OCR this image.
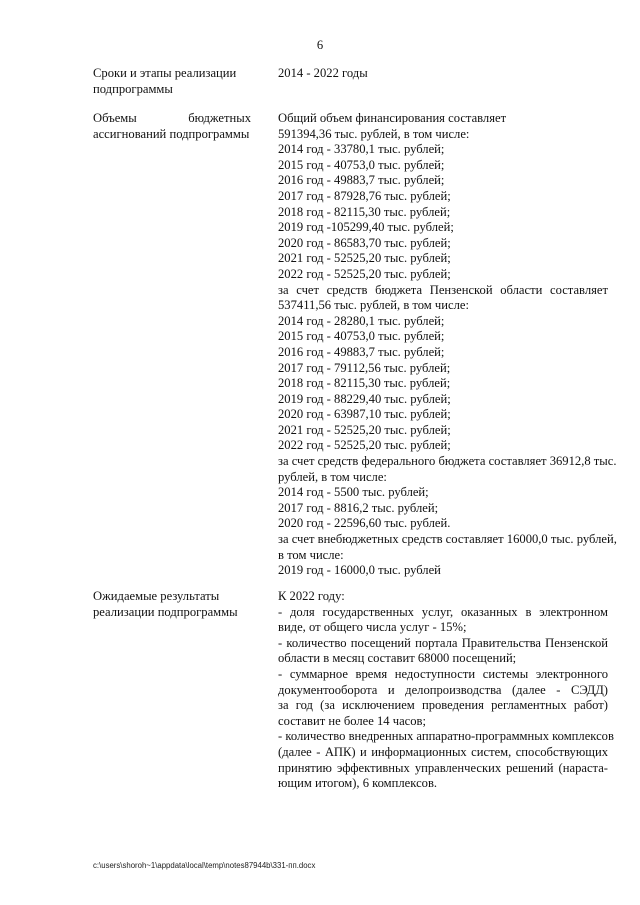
6
Сроки и этапы реализации
подпрограммы
2014 - 2022 годы
Объемы бюджетных
ассигнований подпрограммы
Общий объем финансирования составляет
591394,36 тыс. рублей, в том числе:
2014 год - 33780,1 тыс. рублей;
2015 год - 40753,0 тыс. рублей;
2016 год - 49883,7 тыс. рублей;
2017 год - 87928,76 тыс. рублей;
2018 год - 82115,30 тыс. рублей;
2019 год -105299,40 тыс. рублей;
2020 год - 86583,70 тыс. рублей;
2021 год - 52525,20 тыс. рублей;
2022 год - 52525,20 тыс. рублей;
за счет средств бюджета Пензенской области составляет
537411,56 тыс. рублей, в том числе:
2014 год - 28280,1 тыс. рублей;
2015 год - 40753,0 тыс. рублей;
2016 год - 49883,7 тыс. рублей;
2017 год - 79112,56 тыс. рублей;
2018 год - 82115,30 тыс. рублей;
2019 год - 88229,40 тыс. рублей;
2020 год - 63987,10 тыс. рублей;
2021 год - 52525,20 тыс. рублей;
2022 год - 52525,20 тыс. рублей;
за счет средств федерального бюджета составляет 36912,8 тыс.
рублей, в том числе:
2014 год - 5500 тыс. рублей;
2017 год - 8816,2 тыс. рублей;
2020 год - 22596,60 тыс. рублей.
за счет внебюджетных средств составляет 16000,0 тыс. рублей,
в том числе:
2019 год - 16000,0 тыс. рублей
Ожидаемые результаты
реализации подпрограммы
К 2022 году:
- доля государственных услуг, оказанных в электронном
виде, от общего числа услуг - 15%;
- количество посещений портала Правительства Пензенской
области в месяц составит 68000 посещений;
- суммарное время недоступности системы электронного
документооборота и делопроизводства (далее - СЭДД)
за год (за исключением проведения регламентных работ)
составит не более 14 часов;
- количество внедренных аппаратно-программных комплексов
(далее - АПК) и информационных систем, способствующих
принятию эффективных управленческих решений (нараста-
ющим итогом), 6 комплексов.
c:\users\shoroh~1\appdata\local\temp\notes87944b\331-пп.docx
